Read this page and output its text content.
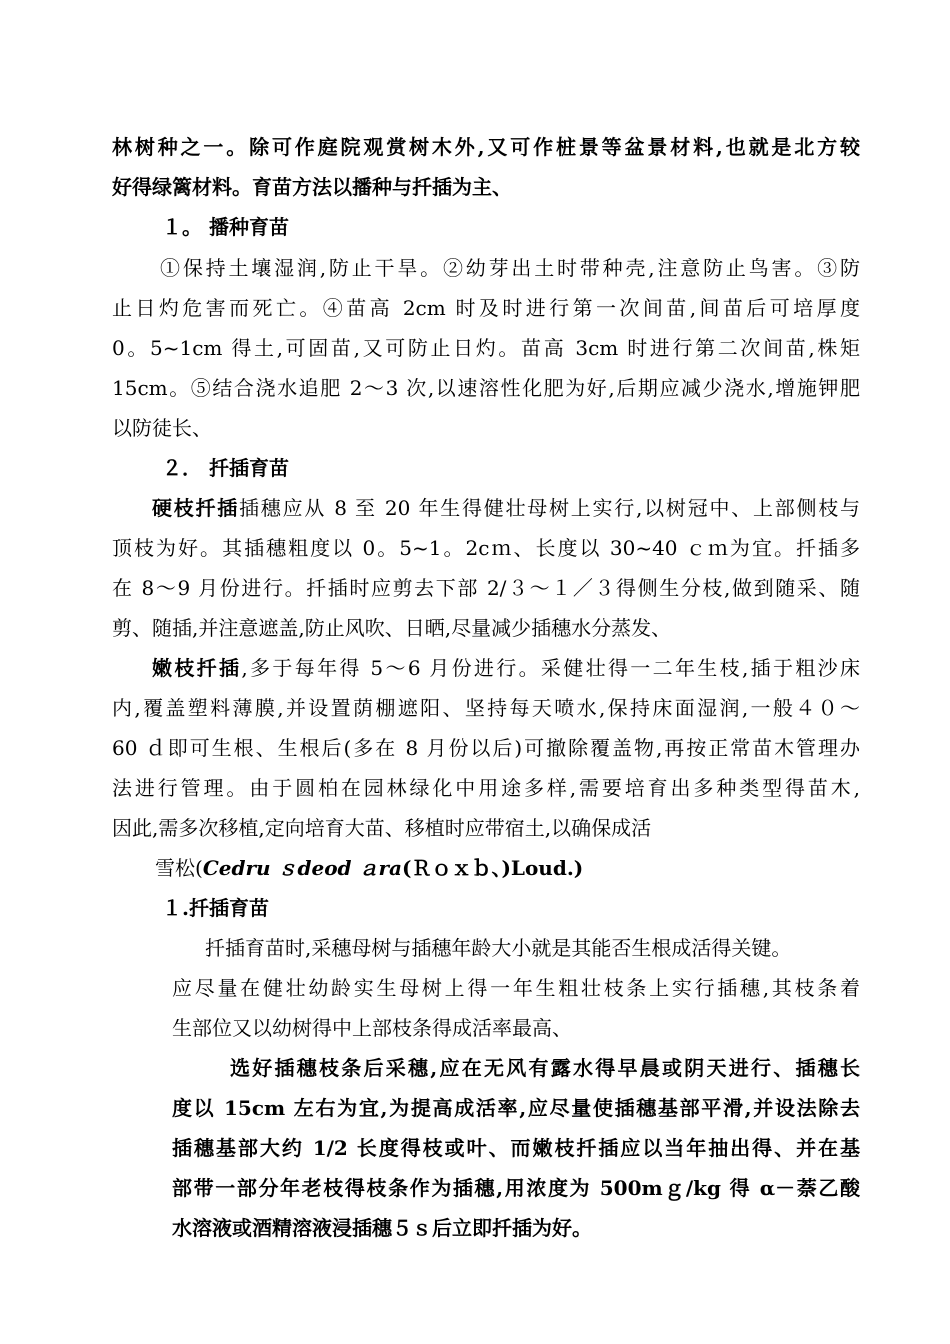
林树种之一。除可作庭院观赏树木外,又可作桩景等盆景材料,也就是北方较
好得绿篱材料。育苗方法以播种与扦插为主、
１。 播种育苗
①保持土壤湿润,防止干旱。②幼芽出土时带种壳,注意防止鸟害。③防
止日灼危害而死亡。④苗高 2cm 时及时进行第一次间苗,间苗后可培厚度
0。5~1cm 得土,可固苗,又可防止日灼。苗高 3cm 时进行第二次间苗,株矩
15cm。⑤结合浇水追肥 2～3 次,以速溶性化肥为好,后期应减少浇水,增施钾肥
以防徒长、
２． 扦插育苗
硬枝扦插插穗应从 8 至 20 年生得健壮母树上实行,以树冠中、上部侧枝与
顶枝为好。其插穗粗度以 0。5~1。2cｍ、长度以 30~40 ｃｍ为宜。扦插多
在 8～9 月份进行。扦插时应剪去下部 2/３～１／３得侧生分枝,做到随采、随
剪、随插,并注意遮盖,防止风吹、日晒,尽量减少插穗水分蒸发、
嫩枝扦插,多于每年得 5～6 月份进行。采健壮得一二年生枝,插于粗沙床
内,覆盖塑料薄膜,并设置荫棚遮阳、坚持每天喷水,保持床面湿润,一般４０～
60 ｄ即可生根、生根后(多在 8 月份以后)可撤除覆盖物,再按正常苗木管理办
法进行管理。由于圆柏在园林绿化中用途多样,需要培育出多种类型得苗木,
因此,需多次移植,定向培育大苗、移植时应带宿土,以确保成活
雪松(Cedru ｓdeod ａra(Ｒｏｘｂ、)Loud.)
１.扦插育苗
扦插育苗时,采穗母树与插穗年龄大小就是其能否生根成活得关键。
应尽量在健壮幼龄实生母树上得一年生粗壮枝条上实行插穗,其枝条着
生部位又以幼树得中上部枝条得成活率最高、
选好插穗枝条后采穗,应在无风有露水得早晨或阴天进行、插穗长
度以 15cm 左右为宜,为提高成活率,应尽量使插穗基部平滑,并设法除去
插穗基部大约 1/2 长度得枝或叶、而嫩枝扦插应以当年抽出得、并在基
部带一部分年老枝得枝条作为插穗,用浓度为 500mｇ/kg 得 α－萘乙酸
水溶液或酒精溶液浸插穗５ｓ后立即扦插为好。
